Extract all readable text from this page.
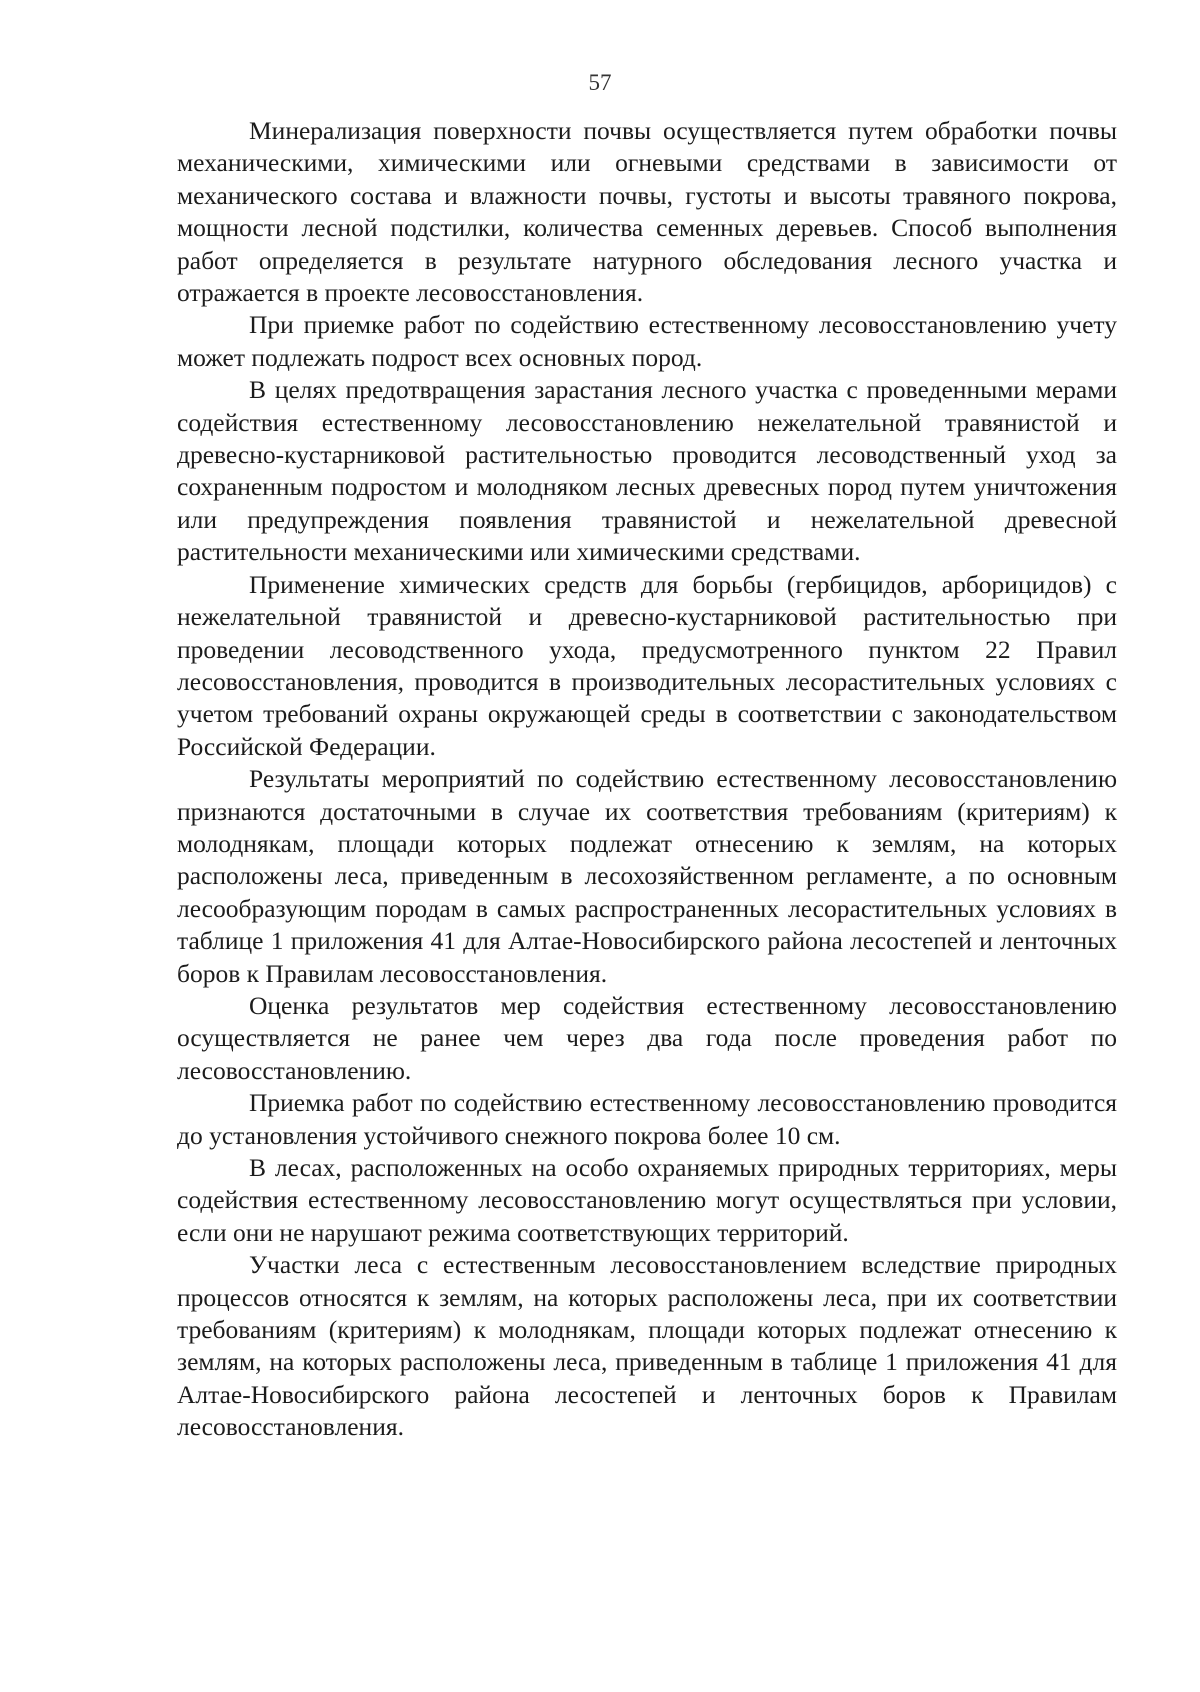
57

Минерализация поверхности почвы осуществляется путем обработки почвы механическими, химическими или огневыми средствами в зависимости от механического состава и влажности почвы, густоты и высоты травяного покрова, мощности лесной подстилки, количества семенных деревьев. Способ выполнения работ определяется в результате натурного обследования лесного участка и отражается в проекте лесовосстановления.

При приемке работ по содействию естественному лесовосстановлению учету может подлежать подрост всех основных пород.

В целях предотвращения зарастания лесного участка с проведенными мерами содействия естественному лесовосстановлению нежелательной травянистой и древесно-кустарниковой растительностью проводится лесоводственный уход за сохраненным подростом и молодняком лесных древесных пород путем уничтожения или предупреждения появления травянистой и нежелательной древесной растительности механическими или химическими средствами.

Применение химических средств для борьбы (гербицидов, арборицидов) с нежелательной травянистой и древесно-кустарниковой растительностью при проведении лесоводственного ухода, предусмотренного пунктом 22 Правил лесовосстановления, проводится в производительных лесорастительных условиях с учетом требований охраны окружающей среды в соответствии с законодательством Российской Федерации.

Результаты мероприятий по содействию естественному лесовосстановлению признаются достаточными в случае их соответствия требованиям (критериям) к молоднякам, площади которых подлежат отнесению к землям, на которых расположены леса, приведенным в лесохозяйственном регламенте, а по основным лесообразующим породам в самых распространенных лесорастительных условиях в таблице 1 приложения 41 для Алтае-Новосибирского района лесостепей и ленточных боров к Правилам лесовосстановления.

Оценка результатов мер содействия естественному лесовосстановлению осуществляется не ранее чем через два года после проведения работ по лесовосстановлению.

Приемка работ по содействию естественному лесовосстановлению проводится до установления устойчивого снежного покрова более 10 см.

В лесах, расположенных на особо охраняемых природных территориях, меры содействия естественному лесовосстановлению могут осуществляться при условии, если они не нарушают режима соответствующих территорий.

Участки леса с естественным лесовосстановлением вследствие природных процессов относятся к землям, на которых расположены леса, при их соответствии требованиям (критериям) к молоднякам, площади которых подлежат отнесению к землям, на которых расположены леса, приведенным в таблице 1 приложения 41 для Алтае-Новосибирского района лесостепей и ленточных боров к Правилам лесовосстановления.
